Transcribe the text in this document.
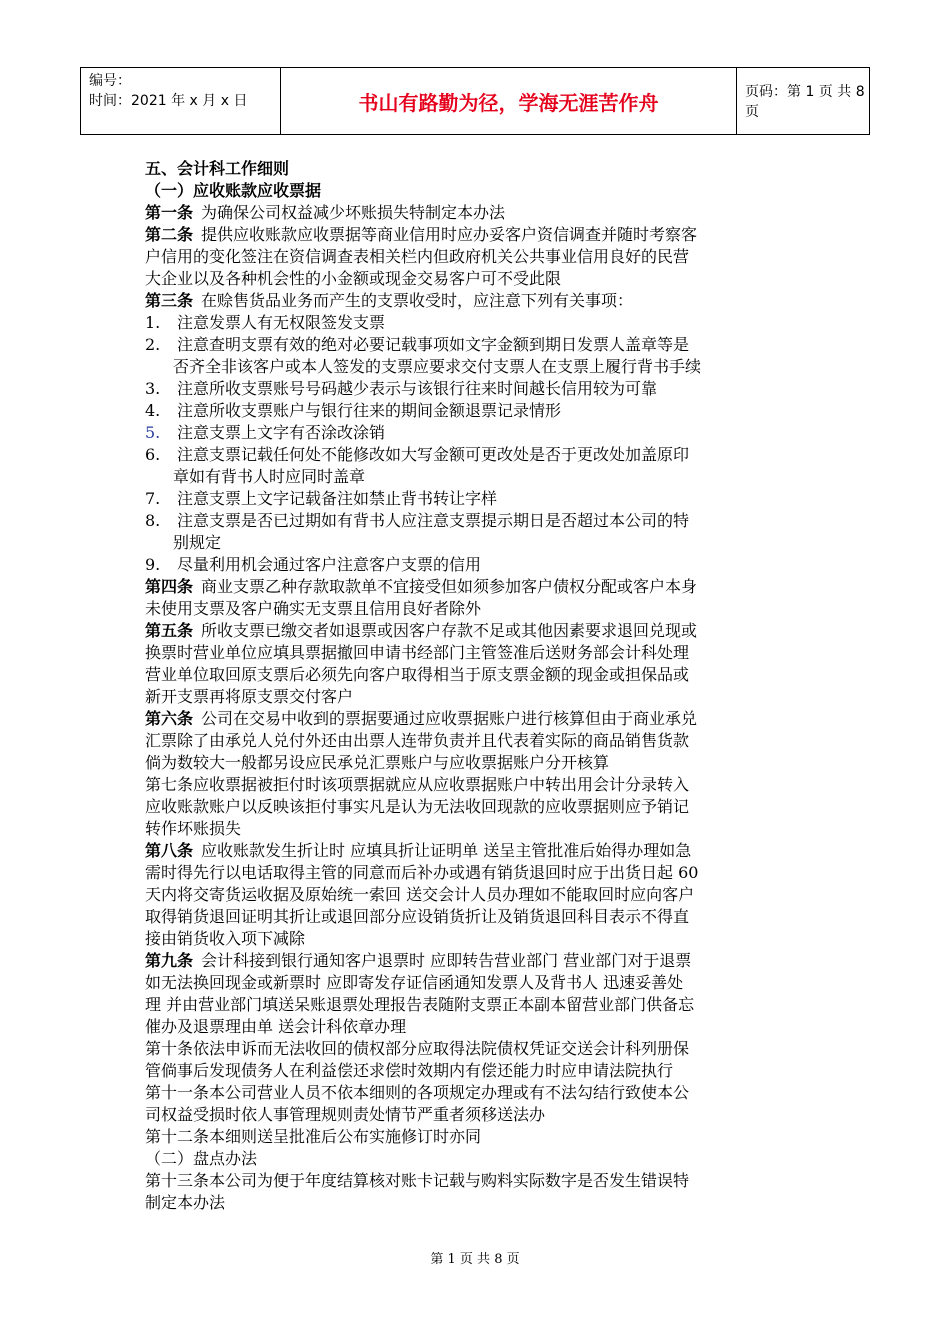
编号：
时间：2021 年 x 月 x 日	书山有路勤为径，学海无涯苦作舟	页码：第 1 页 共 8 页
五、会计科工作细则
（一）应收账款应收票据
第一条 为确保公司权益减少坏账损失特制定本办法
第二条 提供应收账款应收票据等商业信用时应办妥客户资信调查并随时考察客
户信用的变化签注在资信调查表相关栏内但政府机关公共事业信用良好的民营
大企业以及各种机会性的小金额或现金交易客户可不受此限
第三条 在赊售货品业务而产生的支票收受时，应注意下列有关事项：
1. 注意发票人有无权限签发支票
2. 注意查明支票有效的绝对必要记载事项如文字金额到期日发票人盖章等是
否齐全非该客户或本人签发的支票应要求交付支票人在支票上履行背书手续
3. 注意所收支票账号号码越少表示与该银行往来时间越长信用较为可靠
4. 注意所收支票账户与银行往来的期间金额退票记录情形
5. 注意支票上文字有否涂改涂销
6. 注意支票记载任何处不能修改如大写金额可更改处是否于更改处加盖原印
章如有背书人时应同时盖章
7. 注意支票上文字记载备注如禁止背书转让字样
8. 注意支票是否已过期如有背书人应注意支票提示期日是否超过本公司的特
别规定
9. 尽量利用机会通过客户注意客户支票的信用
第四条 商业支票乙种存款取款单不宜接受但如须参加客户债权分配或客户本身
未使用支票及客户确实无支票且信用良好者除外
第五条 所收支票已缴交者如退票或因客户存款不足或其他因素要求退回兑现或
换票时营业单位应填具票据撤回申请书经部门主管签准后送财务部会计科处理
营业单位取回原支票后必须先向客户取得相当于原支票金额的现金或担保品或
新开支票再将原支票交付客户
第六条 公司在交易中收到的票据要通过应收票据账户进行核算但由于商业承兑
汇票除了由承兑人兑付外还由出票人连带负责并且代表着实际的商品销售货款
倘为数较大一般都另设应民承兑汇票账户与应收票据账户分开核算
第七条应收票据被拒付时该项票据就应从应收票据账户中转出用会计分录转入
应收账款账户以反映该拒付事实凡是认为无法收回现款的应收票据则应予销记
转作坏账损失
第八条 应收账款发生折让时 应填具折让证明单 送呈主管批准后始得办理如急
需时得先行以电话取得主管的同意而后补办或遇有销货退回时应于出货日起 60
天内将交寄货运收据及原始统一索回 送交会计人员办理如不能取回时应向客户
取得销货退回证明其折让或退回部分应设销货折让及销货退回科目表示不得直
接由销货收入项下减除
第九条 会计科接到银行通知客户退票时 应即转告营业部门 营业部门对于退票
如无法换回现金或新票时 应即寄发存证信函通知发票人及背书人 迅速妥善处
理 并由营业部门填送呆账退票处理报告表随附支票正本副本留营业部门供备忘
催办及退票理由单 送会计科依章办理
第十条依法申诉而无法收回的债权部分应取得法院债权凭证交送会计科列册保
管倘事后发现债务人在利益偿还求偿时效期内有偿还能力时应申请法院执行
第十一条本公司营业人员不依本细则的各项规定办理或有不法勾结行致使本公
司权益受损时依人事管理规则责处情节严重者须移送法办
第十二条本细则送呈批准后公布实施修订时亦同
（二）盘点办法
第十三条本公司为便于年度结算核对账卡记载与购料实际数字是否发生错误特
制定本办法
第 1 页 共 8 页
